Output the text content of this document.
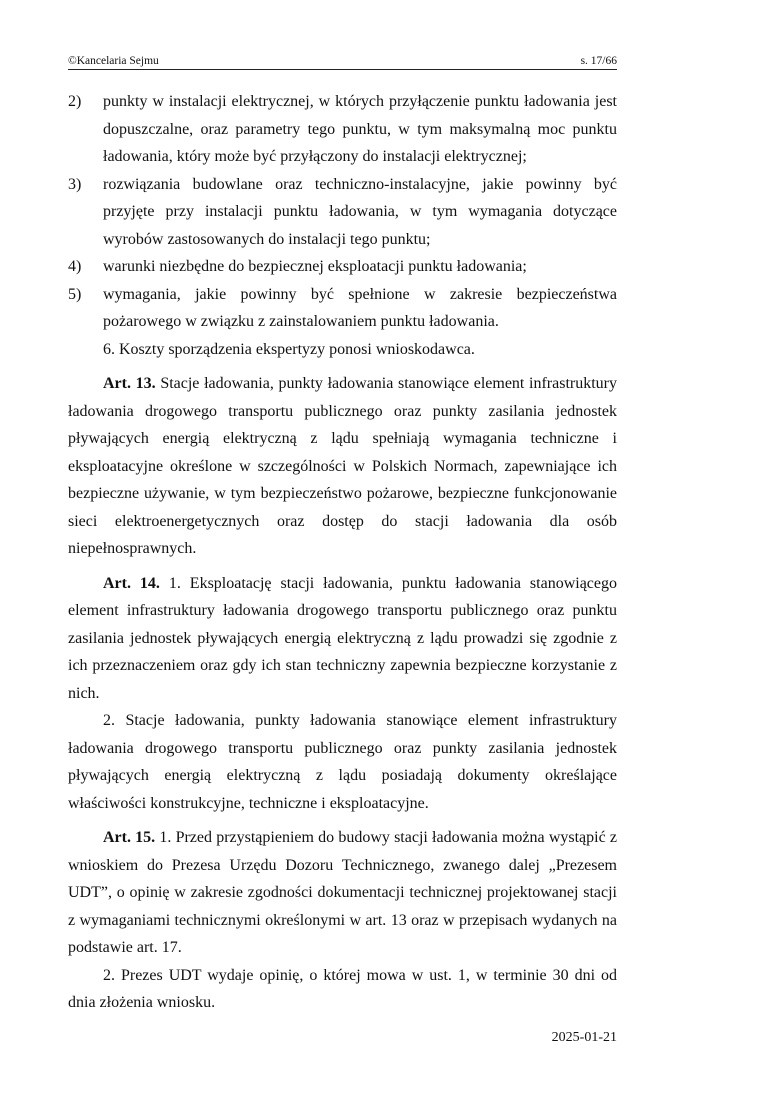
©Kancelaria Sejmu	s. 17/66
2) punkty w instalacji elektrycznej, w których przyłączenie punktu ładowania jest dopuszczalne, oraz parametry tego punktu, w tym maksymalną moc punktu ładowania, który może być przyłączony do instalacji elektrycznej;
3) rozwiązania budowlane oraz techniczno-instalacyjne, jakie powinny być przyjęte przy instalacji punktu ładowania, w tym wymagania dotyczące wyrobów zastosowanych do instalacji tego punktu;
4) warunki niezbędne do bezpiecznej eksploatacji punktu ładowania;
5) wymagania, jakie powinny być spełnione w zakresie bezpieczeństwa pożarowego w związku z zainstalowaniem punktu ładowania.

6. Koszty sporządzenia ekspertyzy ponosi wnioskodawca.

Art. 13. Stacje ładowania, punkty ładowania stanowiące element infrastruktury ładowania drogowego transportu publicznego oraz punkty zasilania jednostek pływających energią elektryczną z lądu spełniają wymagania techniczne i eksploatacyjne określone w szczególności w Polskich Normach, zapewniające ich bezpieczne używanie, w tym bezpieczeństwo pożarowe, bezpieczne funkcjonowanie sieci elektroenergetycznych oraz dostęp do stacji ładowania dla osób niepełnosprawnych.

Art. 14. 1. Eksploatację stacji ładowania, punktu ładowania stanowiącego element infrastruktury ładowania drogowego transportu publicznego oraz punktu zasilania jednostek pływających energią elektryczną z lądu prowadzi się zgodnie z ich przeznaczeniem oraz gdy ich stan techniczny zapewnia bezpieczne korzystanie z nich.

2. Stacje ładowania, punkty ładowania stanowiące element infrastruktury ładowania drogowego transportu publicznego oraz punkty zasilania jednostek pływających energią elektryczną z lądu posiadają dokumenty określające właściwości konstrukcyjne, techniczne i eksploatacyjne.

Art. 15. 1. Przed przystąpieniem do budowy stacji ładowania można wystąpić z wnioskiem do Prezesa Urzędu Dozoru Technicznego, zwanego dalej „Prezesem UDT”, o opinię w zakresie zgodności dokumentacji technicznej projektowanej stacji z wymaganiami technicznymi określonymi w art. 13 oraz w przepisach wydanych na podstawie art. 17.

2. Prezes UDT wydaje opinię, o której mowa w ust. 1, w terminie 30 dni od dnia złożenia wniosku.

2025-01-21
